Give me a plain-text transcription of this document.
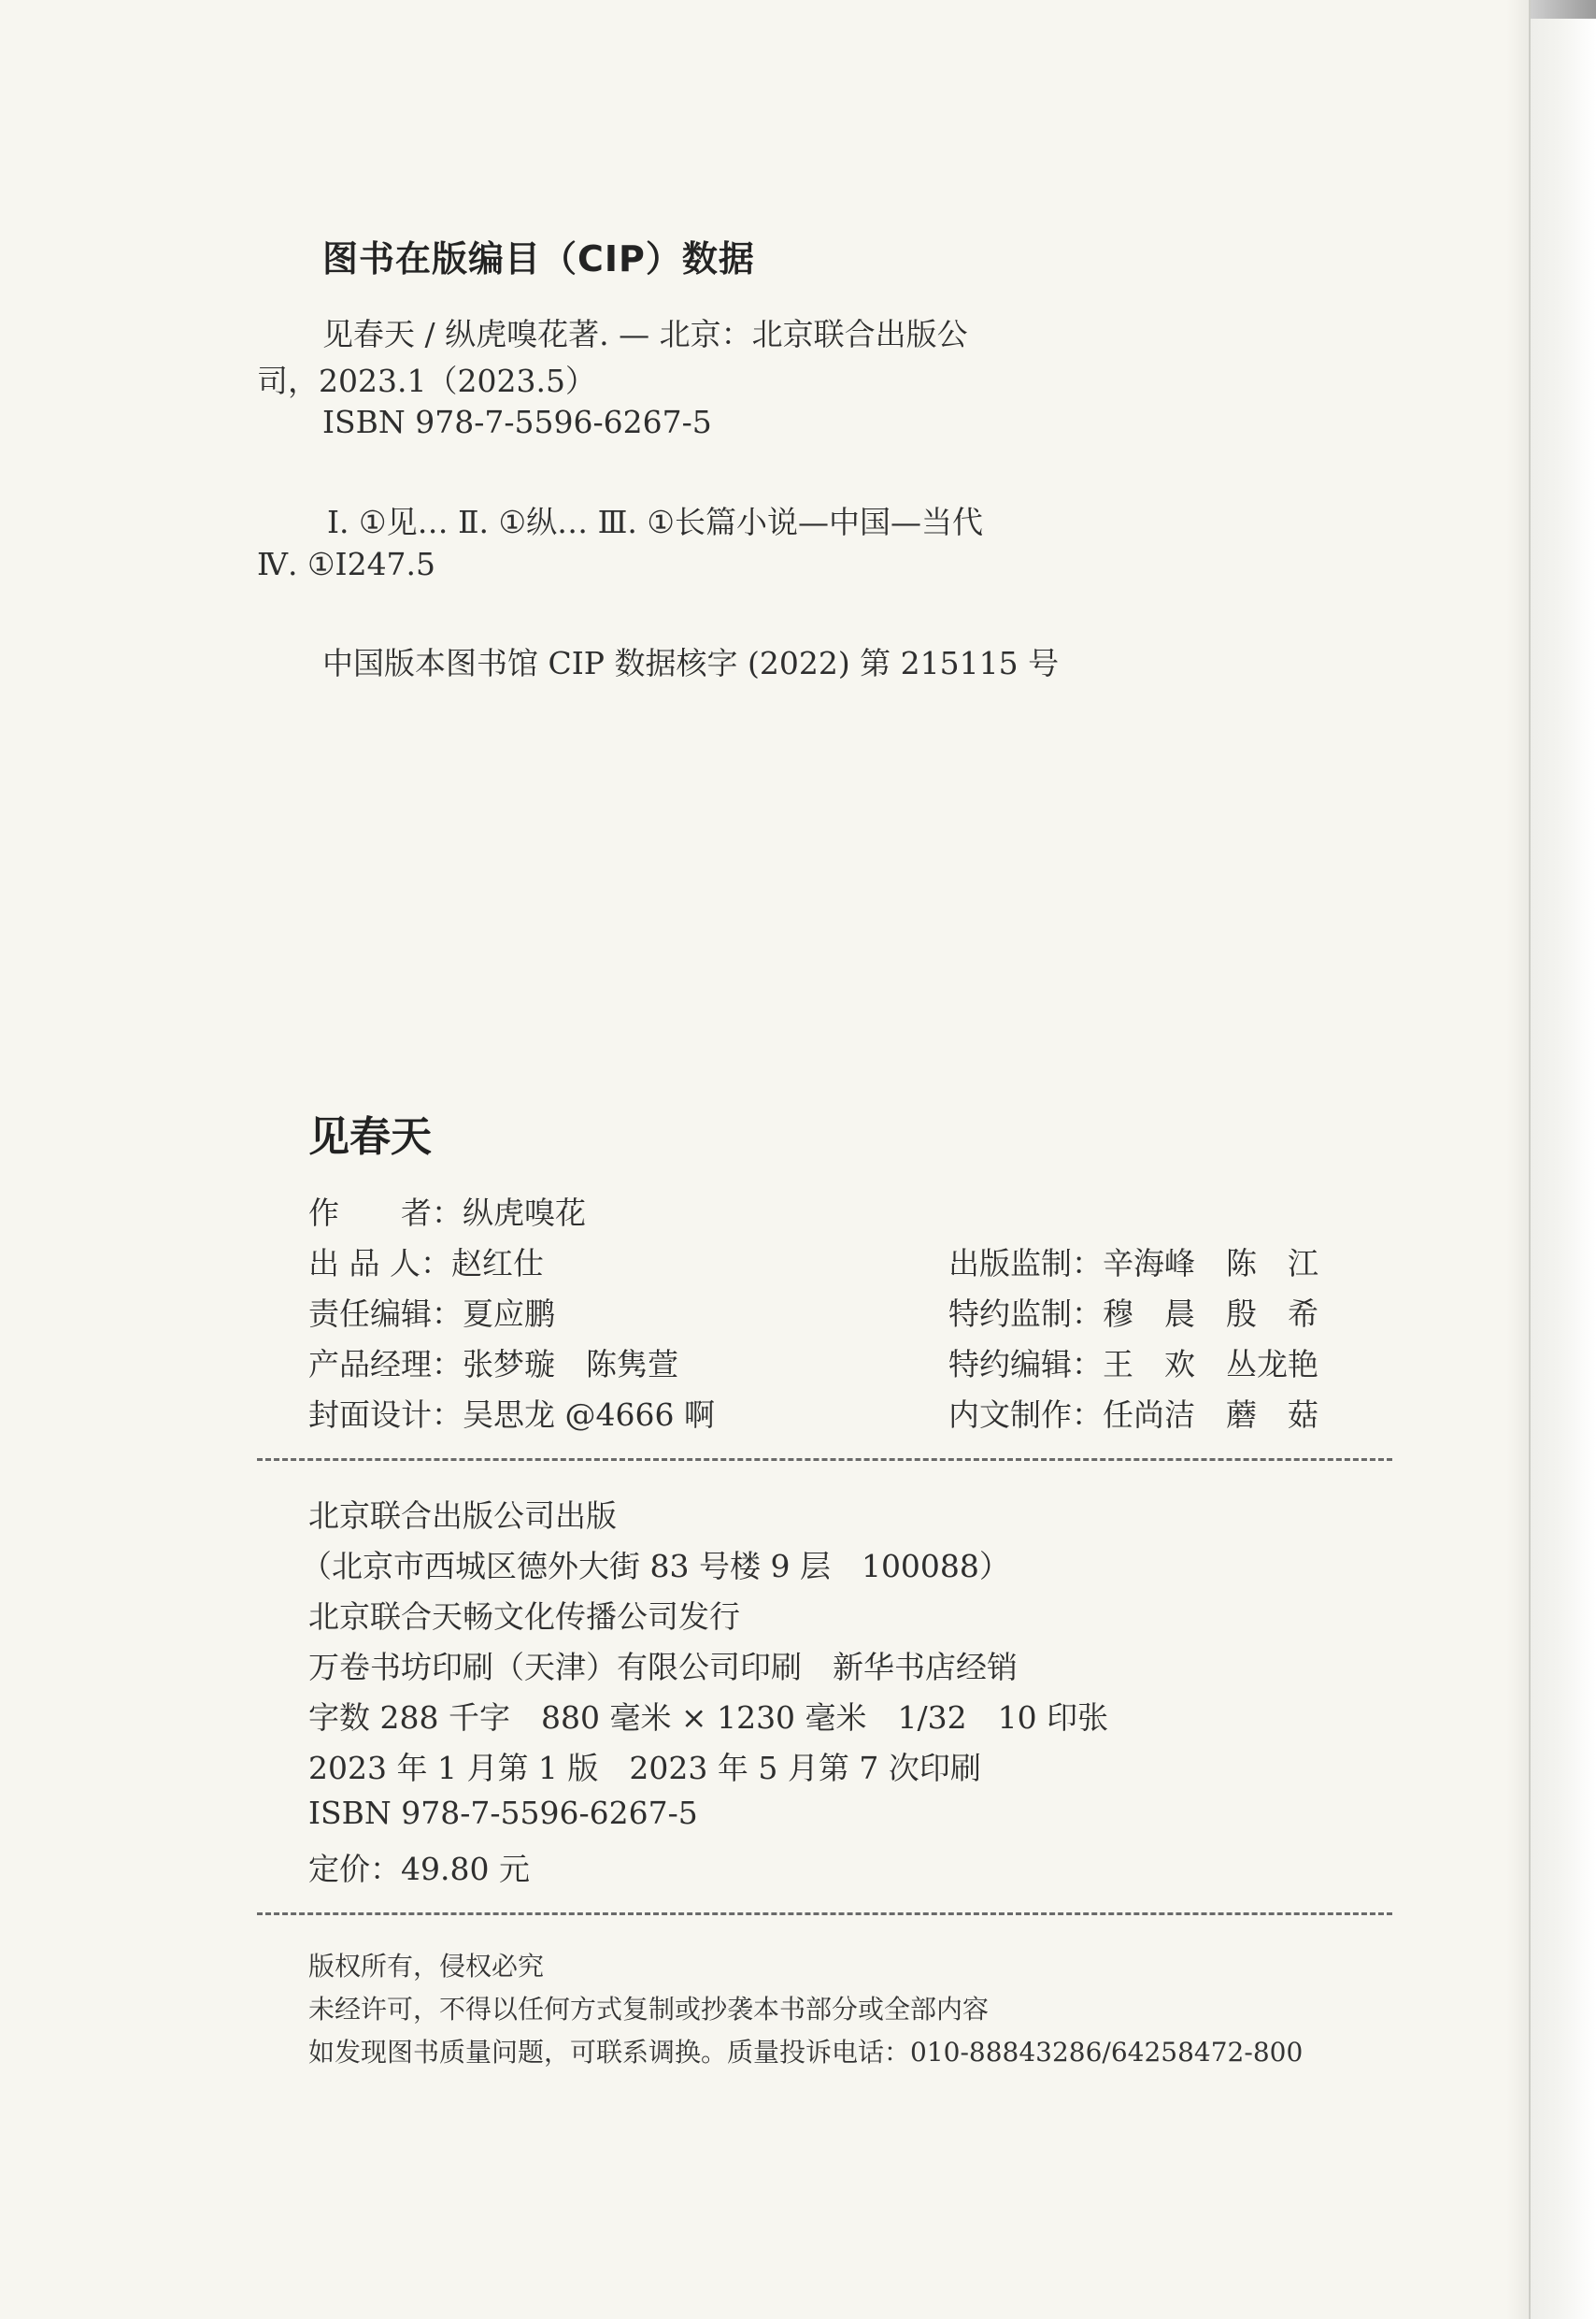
图书在版编目（CIP）数据
见春天 / 纵虎嗅花著. — 北京：北京联合出版公
司，2023.1（2023.5）
ISBN 978-7-5596-6267-5
Ⅰ. ①见… Ⅱ. ①纵… Ⅲ. ①长篇小说—中国—当代
Ⅳ. ①I247.5
中国版本图书馆 CIP 数据核字 (2022) 第 215115 号
见春天
作　　者：纵虎嗅花
出 品 人：赵红仕
责任编辑：夏应鹏
产品经理：张梦璇　陈隽萱
封面设计：吴思龙 @4666 啊
出版监制：辛海峰　陈　江
特约监制：穆　晨　殷　希
特约编辑：王　欢　丛龙艳
内文制作：任尚洁　蘑　菇
北京联合出版公司出版
（北京市西城区德外大街 83 号楼 9 层　100088）
北京联合天畅文化传播公司发行
万卷书坊印刷（天津）有限公司印刷　新华书店经销
字数 288 千字　880 毫米 × 1230 毫米　1/32　10 印张
2023 年 1 月第 1 版　2023 年 5 月第 7 次印刷
ISBN 978-7-5596-6267-5
定价：49.80 元
版权所有，侵权必究
未经许可，不得以任何方式复制或抄袭本书部分或全部内容
如发现图书质量问题，可联系调换。质量投诉电话：010-88843286/64258472-800
